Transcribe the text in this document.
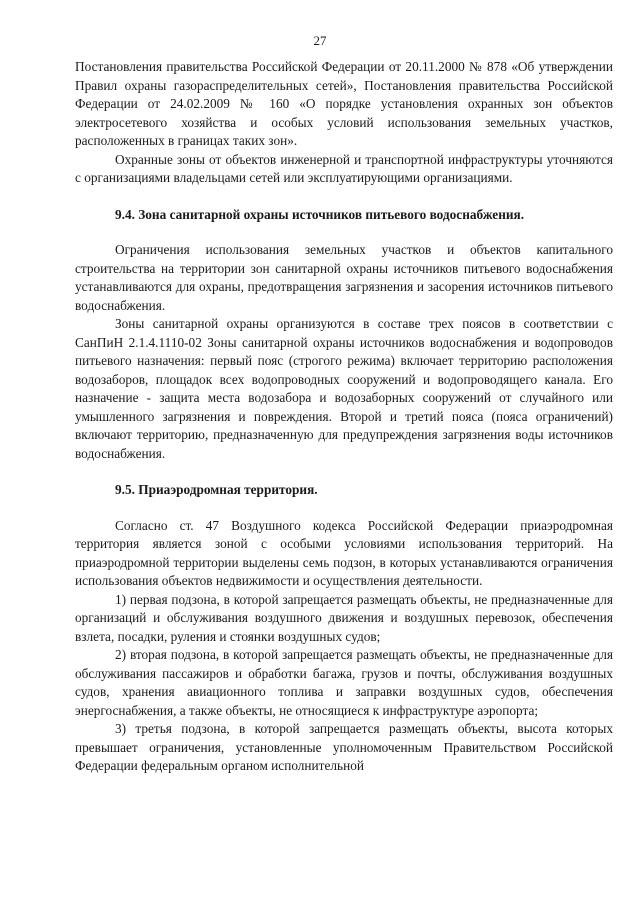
27

Постановления правительства Российской Федерации от 20.11.2000 № 878 «Об утверждении Правил охраны газораспределительных сетей», Постановления правительства Российской Федерации от 24.02.2009 № 160 «О порядке установления охранных зон объектов электросетевого хозяйства и особых условий использования земельных участков, расположенных в границах таких зон».

Охранные зоны от объектов инженерной и транспортной инфраструктуры уточняются с организациями владельцами сетей или эксплуатирующими организациями.

9.4. Зона санитарной охраны источников питьевого водоснабжения.

Ограничения использования земельных участков и объектов капитального строительства на территории зон санитарной охраны источников питьевого водоснабжения устанавливаются для охраны, предотвращения загрязнения и засорения источников питьевого водоснабжения.

Зоны санитарной охраны организуются в составе трех поясов в соответствии с СанПиН 2.1.4.1110-02 Зоны санитарной охраны источников водоснабжения и водопроводов питьевого назначения: первый пояс (строгого режима) включает территорию расположения водозаборов, площадок всех водопроводных сооружений и водопроводящего канала. Его назначение - защита места водозабора и водозаборных сооружений от случайного или умышленного загрязнения и повреждения. Второй и третий пояса (пояса ограничений) включают территорию, предназначенную для предупреждения загрязнения воды источников водоснабжения.

9.5. Приаэродромная территория.

Согласно ст. 47 Воздушного кодекса Российской Федерации приаэродромная территория является зоной с особыми условиями использования территорий. На приаэродромной территории выделены семь подзон, в которых устанавливаются ограничения использования объектов недвижимости и осуществления деятельности.

1) первая подзона, в которой запрещается размещать объекты, не предназначенные для организаций и обслуживания воздушного движения и воздушных перевозок, обеспечения взлета, посадки, руления и стоянки воздушных судов;

2) вторая подзона, в которой запрещается размещать объекты, не предназначенные для обслуживания пассажиров и обработки багажа, грузов и почты, обслуживания воздушных судов, хранения авиационного топлива и заправки воздушных судов, обеспечения энергоснабжения, а также объекты, не относящиеся к инфраструктуре аэропорта;

3) третья подзона, в которой запрещается размещать объекты, высота которых превышает ограничения, установленные уполномоченным Правительством Российской Федерации федеральным органом исполнительной
